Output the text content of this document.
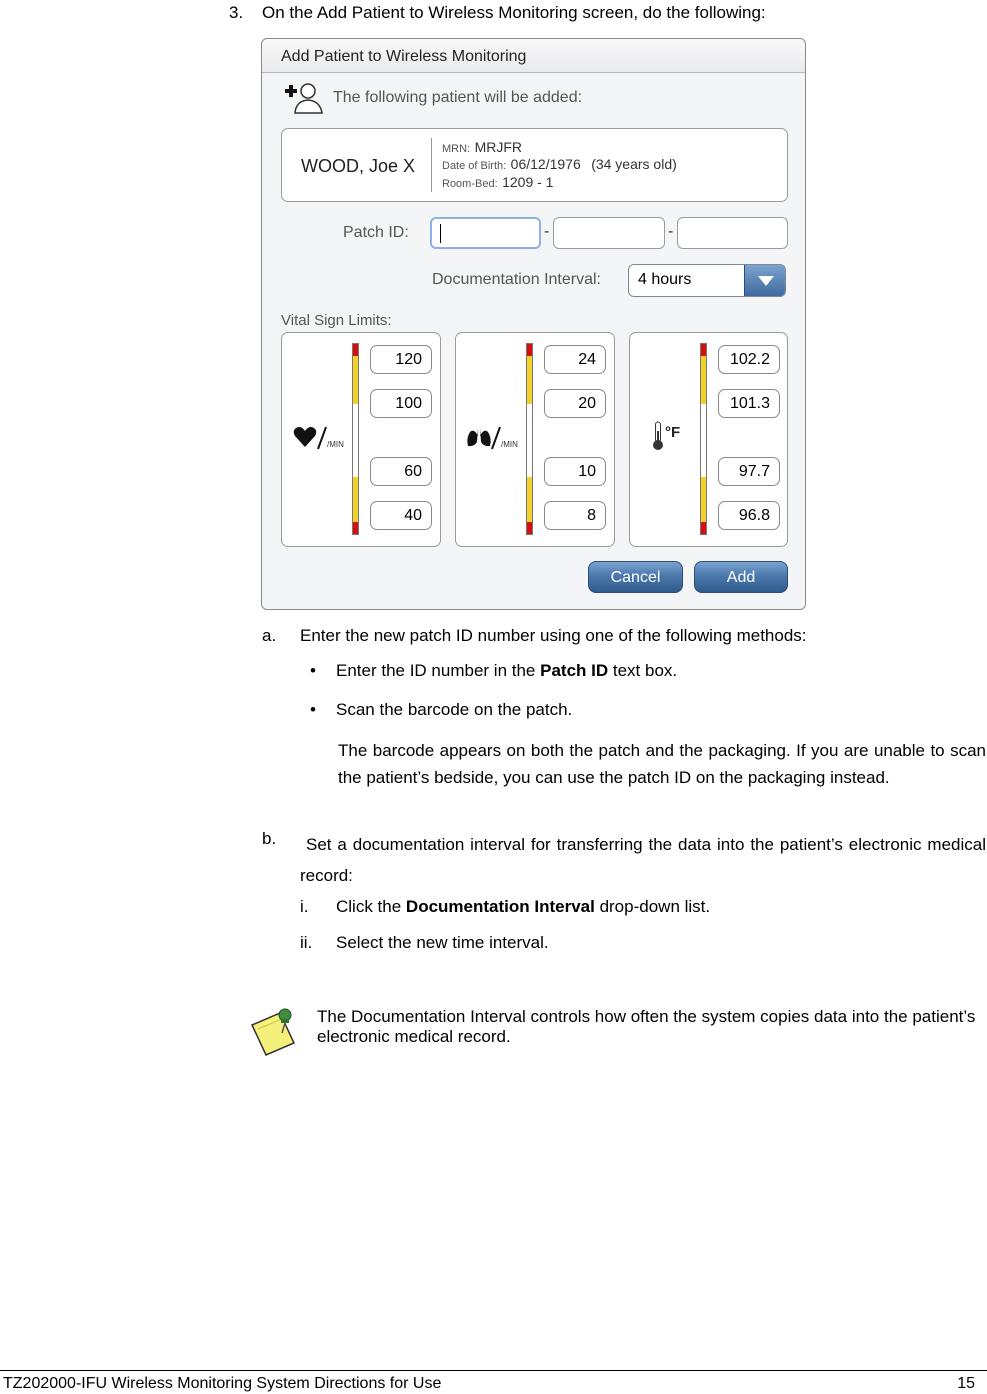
3. On the Add Patient to Wireless Monitoring screen, do the following:
Add Patient to Wireless Monitoring
The following patient will be added:
WOOD, Joe X
MRN: MRJFR
Date of Birth: 06/12/1976 (34 years old)
Room-Bed: 1209 - 1
Patch ID:	-	-
Documentation Interval: 4 hours
Vital Sign Limits:
/MIN
120
100
60
40
/MIN
24
20
10
8
°F
102.2
101.3
97.7
96.8
Cancel	Add
a. Enter the new patch ID number using one of the following methods:
• Enter the ID number in the Patch ID text box.
• Scan the barcode on the patch.
The barcode appears on both the patch and the packaging. If you are unable to scan the patient’s bedside, you can use the patch ID on the packaging instead.
b.	Set a documentation interval for transferring the data into the patient’s electronic medical record:
i. Click the Documentation Interval drop-down list.
ii. Select the new time interval.
The Documentation Interval controls how often the system copies data into the patient’s electronic medical record.
TZ202000-IFU Wireless Monitoring System Directions for Use	15
